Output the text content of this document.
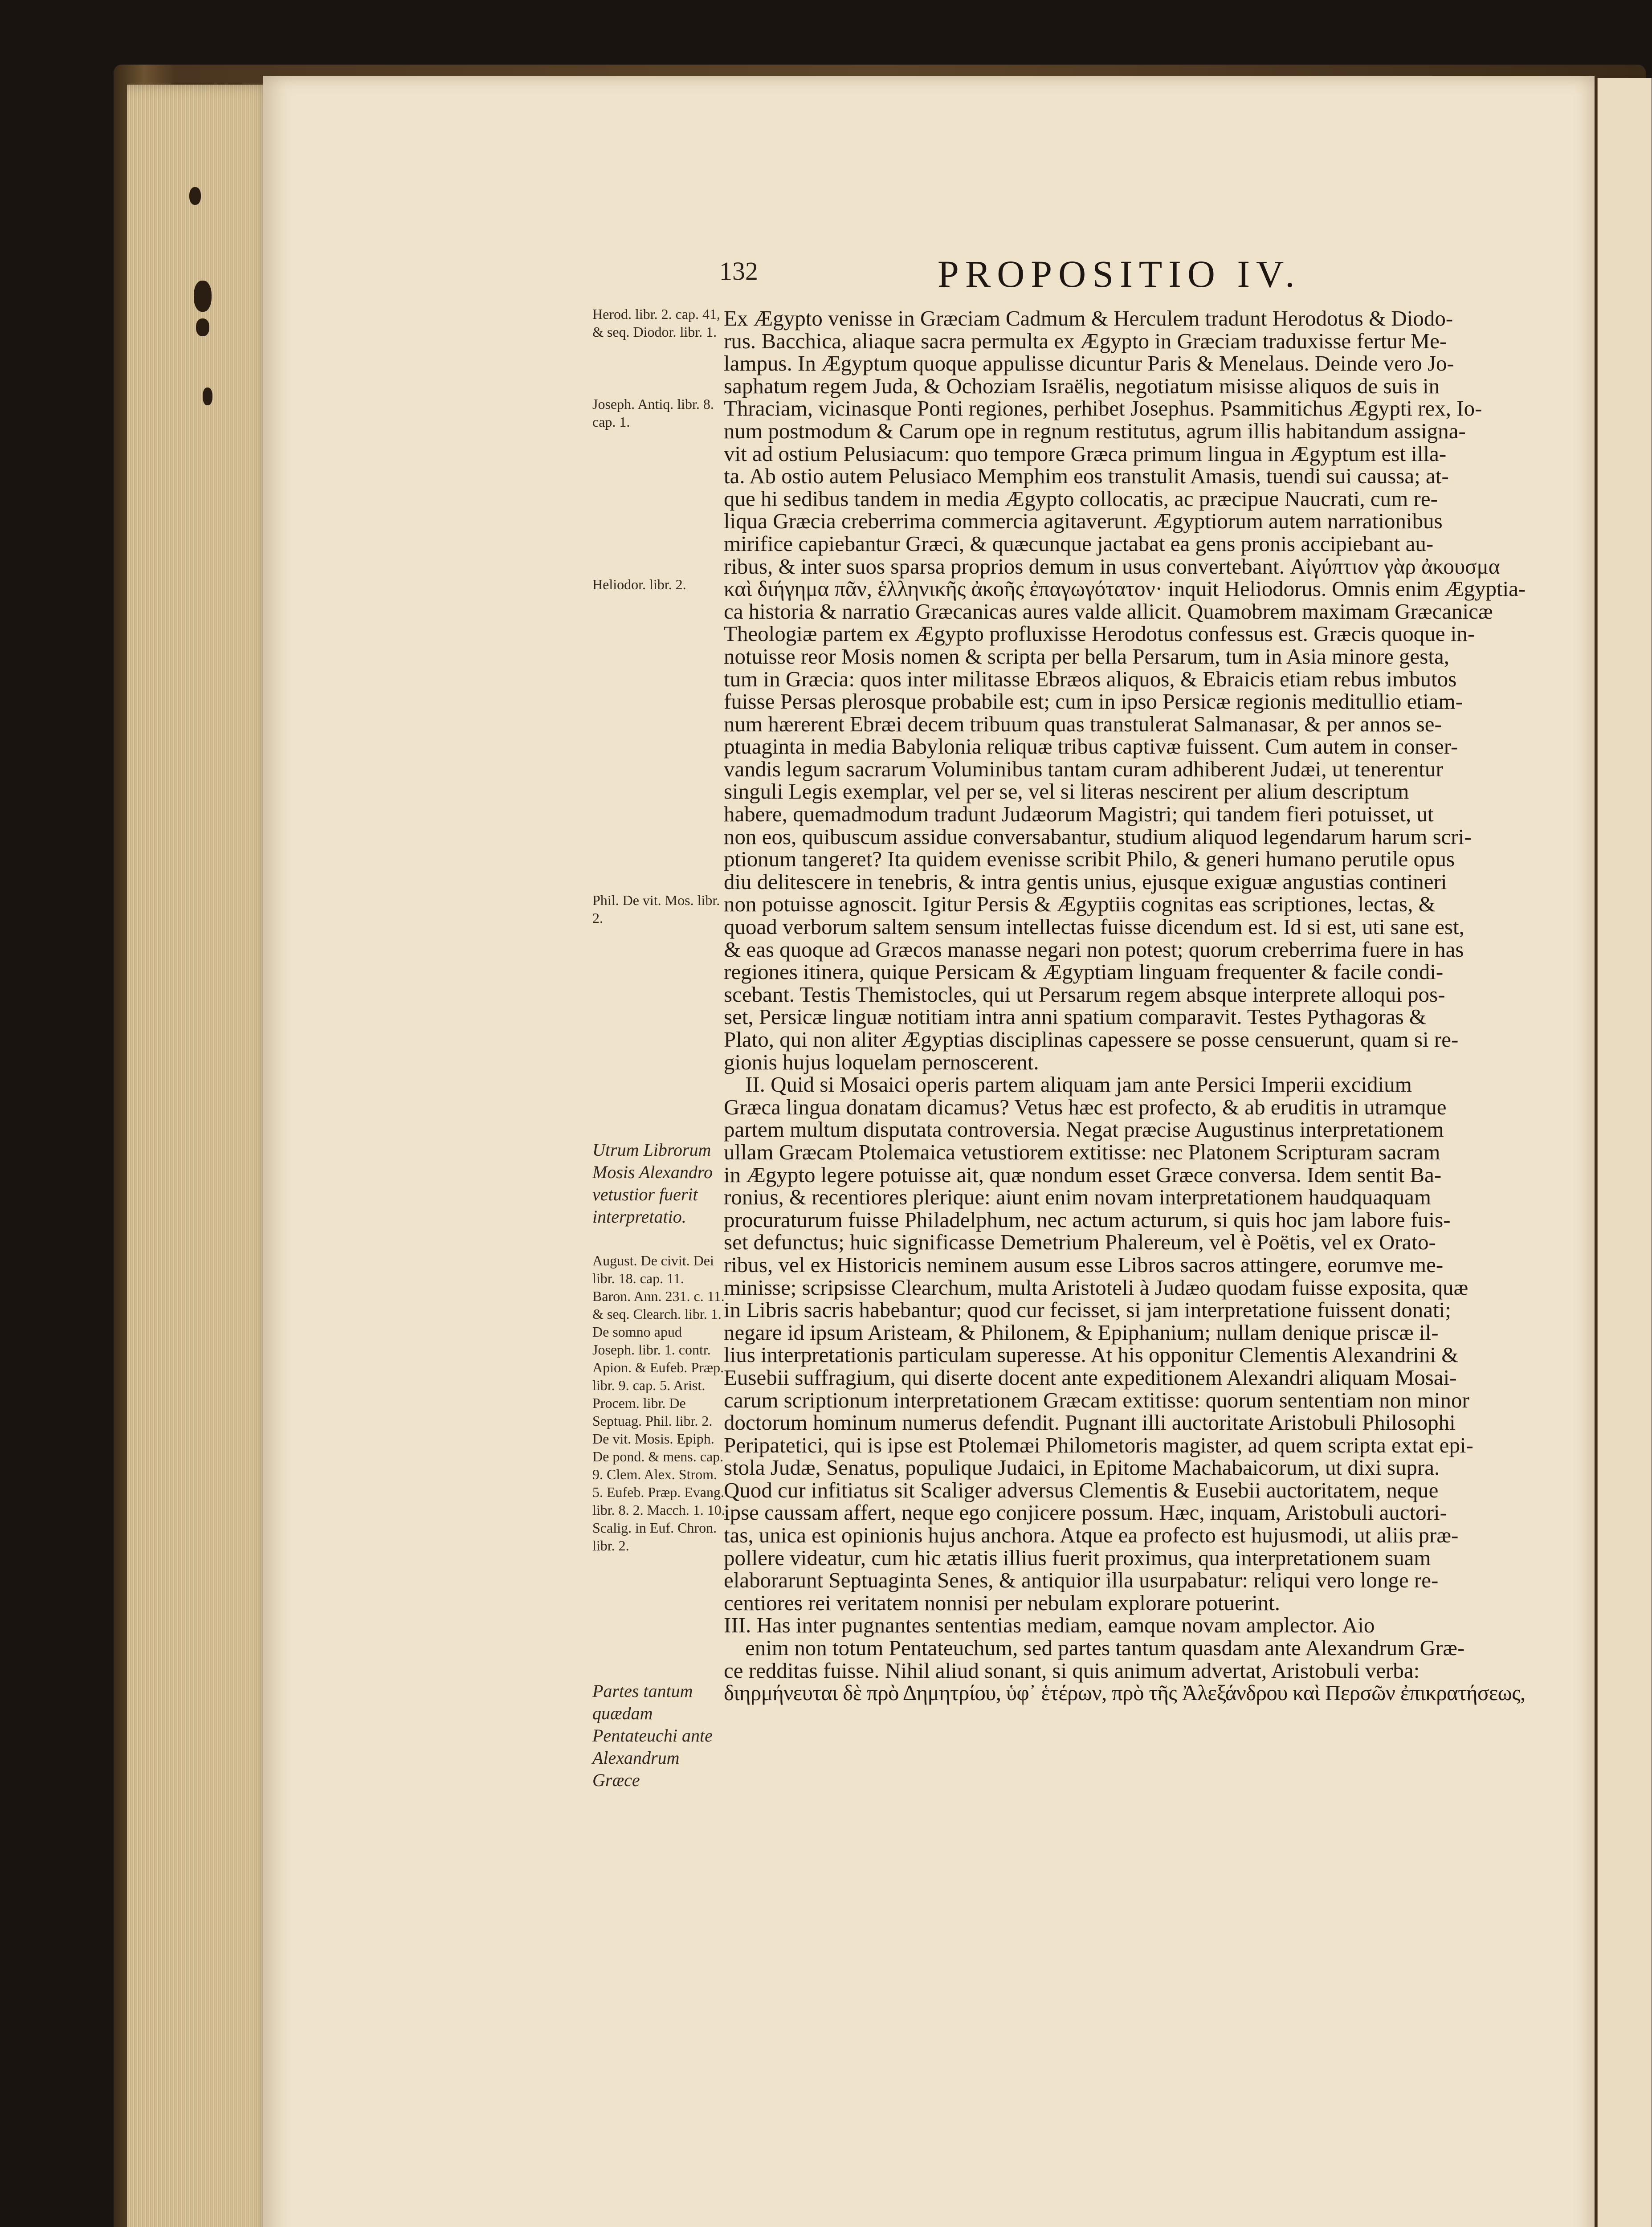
132	PROPOSITIO IV.
Herod. libr. 2. cap. 41, & seq. Diodor. libr. 1.
Joseph. Antiq. libr. 8. cap. 1.
Heliodor. libr. 2.
Phil. De vit. Mos. libr. 2.
Utrum Librorum Mosis Alexandro vetustior fuerit interpretatio.
August. De civit. Dei libr. 18. cap. 11. Baron. Ann. 231. c. 11. & seq. Clearch. libr. 1. De somno apud Joseph. libr. 1. contr. Apion. & Eufeb. Præp. libr. 9. cap. 5. Arist. Procem. libr. De Septuag. Phil. libr. 2. De vit. Mosis. Epiph. De pond. & mens. cap. 9. Clem. Alex. Strom. 5. Eufeb. Præp. Evang. libr. 8. 2. Macch. 1. 10. Scalig. in Euf. Chron. libr. 2.
Partes tantum quædam Pentateuchi ante Alexandrum Græce
Ex Ægypto venisse in Græciam Cadmum & Herculem tradunt Herodotus & Diodo-
rus. Bacchica, aliaque sacra permulta ex Ægypto in Græciam traduxisse fertur Me-
lampus. In Ægyptum quoque appulisse dicuntur Paris & Menelaus. Deinde vero Jo-
saphatum regem Juda, & Ochoziam Israëlis, negotiatum misisse aliquos de suis in
Thraciam, vicinasque Ponti regiones, perhibet Josephus. Psammitichus Ægypti rex, Io-
num postmodum & Carum ope in regnum restitutus, agrum illis habitandum assigna-
vit ad ostium Pelusiacum: quo tempore Græca primum lingua in Ægyptum est illa-
ta. Ab ostio autem Pelusiaco Memphim eos transtulit Amasis, tuendi sui caussa; at-
que hi sedibus tandem in media Ægypto collocatis, ac præcipue Naucrati, cum re-
liqua Græcia creberrima commercia agitaverunt. Ægyptiorum autem narrationibus
mirifice capiebantur Græci, & quæcunque jactabat ea gens pronis accipiebant au-
ribus, & inter suos sparsa proprios demum in usus convertebant. Αἰγύπτιον γὰρ ἀκουσμα
καὶ διήγημα πᾶν, ἑλληνικῆς ἀκοῆς ἐπαγωγότατον· inquit Heliodorus. Omnis enim Ægyptia-
ca historia & narratio Græcanicas aures valde allicit. Quamobrem maximam Græcanicæ
Theologiæ partem ex Ægypto profluxisse Herodotus confessus est. Græcis quoque in-
notuisse reor Mosis nomen & scripta per bella Persarum, tum in Asia minore gesta,
tum in Græcia: quos inter militasse Ebræos aliquos, & Ebraicis etiam rebus imbutos
fuisse Persas plerosque probabile est; cum in ipso Persicæ regionis meditullio etiam-
num hærerent Ebræi decem tribuum quas transtulerat Salmanasar, & per annos se-
ptuaginta in media Babylonia reliquæ tribus captivæ fuissent. Cum autem in conser-
vandis legum sacrarum Voluminibus tantam curam adhiberent Judæi, ut tenerentur
singuli Legis exemplar, vel per se, vel si literas nescirent per alium descriptum
habere, quemadmodum tradunt Judæorum Magistri; qui tandem fieri potuisset, ut
non eos, quibuscum assidue conversabantur, studium aliquod legendarum harum scri-
ptionum tangeret? Ita quidem evenisse scribit Philo, & generi humano perutile opus
diu delitescere in tenebris, & intra gentis unius, ejusque exiguæ angustias contineri
non potuisse agnoscit. Igitur Persis & Ægyptiis cognitas eas scriptiones, lectas, &
quoad verborum saltem sensum intellectas fuisse dicendum est. Id si est, uti sane est,
& eas quoque ad Græcos manasse negari non potest; quorum creberrima fuere in has
regiones itinera, quique Persicam & Ægyptiam linguam frequenter & facile condi-
scebant. Testis Themistocles, qui ut Persarum regem absque interprete alloqui pos-
set, Persicæ linguæ notitiam intra anni spatium comparavit. Testes Pythagoras &
Plato, qui non aliter Ægyptias disciplinas capessere se posse censuerunt, quam si re-
gionis hujus loquelam pernoscerent.
II. Quid si Mosaici operis partem aliquam jam ante Persici Imperii excidium
Græca lingua donatam dicamus? Vetus hæc est profecto, & ab eruditis in utramque
partem multum disputata controversia. Negat præcise Augustinus interpretationem
ullam Græcam Ptolemaica vetustiorem extitisse: nec Platonem Scripturam sacram
in Ægypto legere potuisse ait, quæ nondum esset Græce conversa. Idem sentit Ba-
ronius, & recentiores plerique: aiunt enim novam interpretationem haudquaquam
procuraturum fuisse Philadelphum, nec actum acturum, si quis hoc jam labore fuis-
set defunctus; huic significasse Demetrium Phalereum, vel è Poëtis, vel ex Orato-
ribus, vel ex Historicis neminem ausum esse Libros sacros attingere, eorumve me-
minisse; scripsisse Clearchum, multa Aristoteli à Judæo quodam fuisse exposita, quæ
in Libris sacris habebantur; quod cur fecisset, si jam interpretatione fuissent donati;
negare id ipsum Aristeam, & Philonem, & Epiphanium; nullam denique priscæ il-
lius interpretationis particulam superesse. At his opponitur Clementis Alexandrini &
Eusebii suffragium, qui diserte docent ante expeditionem Alexandri aliquam Mosai-
carum scriptionum interpretationem Græcam extitisse: quorum sententiam non minor
doctorum hominum numerus defendit. Pugnant illi auctoritate Aristobuli Philosophi
Peripatetici, qui is ipse est Ptolemæi Philometoris magister, ad quem scripta extat epi-
stola Judæ, Senatus, populique Judaici, in Epitome Machabaicorum, ut dixi supra.
Quod cur infitiatus sit Scaliger adversus Clementis & Eusebii auctoritatem, neque
ipse caussam affert, neque ego conjicere possum. Hæc, inquam, Aristobuli auctori-
tas, unica est opinionis hujus anchora. Atque ea profecto est hujusmodi, ut aliis præ-
pollere videatur, cum hic ætatis illius fuerit proximus, qua interpretationem suam
elaborarunt Septuaginta Senes, & antiquior illa usurpabatur: reliqui vero longe re-
centiores rei veritatem nonnisi per nebulam explorare potuerint.
III. Has inter pugnantes sententias mediam, eamque novam amplector. Aio
enim non totum Pentateuchum, sed partes tantum quasdam ante Alexandrum Græ-
ce redditas fuisse. Nihil aliud sonant, si quis animum advertat, Aristobuli verba:
διηρμήνευται δὲ πρὸ Δημητρίου, ὑφ᾽ ἑτέρων, πρὸ τῆς Ἀλεξάνδρου καὶ Περσῶν ἐπικρατήσεως,
